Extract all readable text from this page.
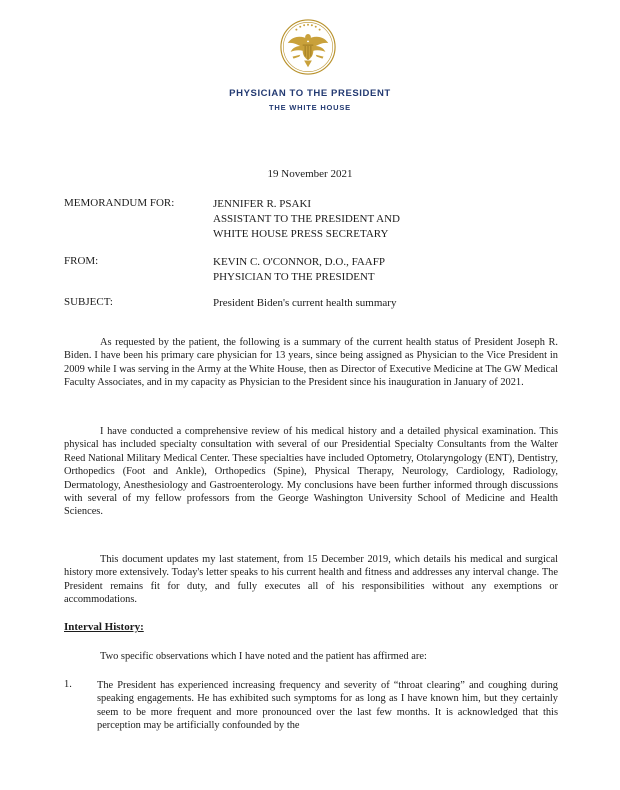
PHYSICIAN TO THE PRESIDENT
THE WHITE HOUSE
19 November 2021
MEMORANDUM FOR:	JENNIFER R. PSAKI
ASSISTANT TO THE PRESIDENT AND
WHITE HOUSE PRESS SECRETARY
FROM:	KEVIN C. O'CONNOR, D.O., FAAFP
PHYSICIAN TO THE PRESIDENT
SUBJECT:	President Biden's current health summary

As requested by the patient, the following is a summary of the current health status of President Joseph R. Biden. I have been his primary care physician for 13 years, since being assigned as Physician to the Vice President in 2009 while I was serving in the Army at the White House, then as Director of Executive Medicine at The GW Medical Faculty Associates, and in my capacity as Physician to the President since his inauguration in January of 2021.

I have conducted a comprehensive review of his medical history and a detailed physical examination. This physical has included specialty consultation with several of our Presidential Specialty Consultants from the Walter Reed National Military Medical Center. These specialties have included Optometry, Otolaryngology (ENT), Dentistry, Orthopedics (Foot and Ankle), Orthopedics (Spine), Physical Therapy, Neurology, Cardiology, Radiology, Dermatology, Anesthesiology and Gastroenterology. My conclusions have been further informed through discussions with several of my fellow professors from the George Washington University School of Medicine and Health Sciences.

This document updates my last statement, from 15 December 2019, which details his medical and surgical history more extensively. Today's letter speaks to his current health and fitness and addresses any interval change. The President remains fit for duty, and fully executes all of his responsibilities without any exemptions or accommodations.

Interval History:

Two specific observations which I have noted and the patient has affirmed are:

1. The President has experienced increasing frequency and severity of “throat clearing” and coughing during speaking engagements. He has exhibited such symptoms for as long as I have known him, but they certainly seem to be more frequent and more pronounced over the last few months. It is acknowledged that this perception may be artificially confounded by the
